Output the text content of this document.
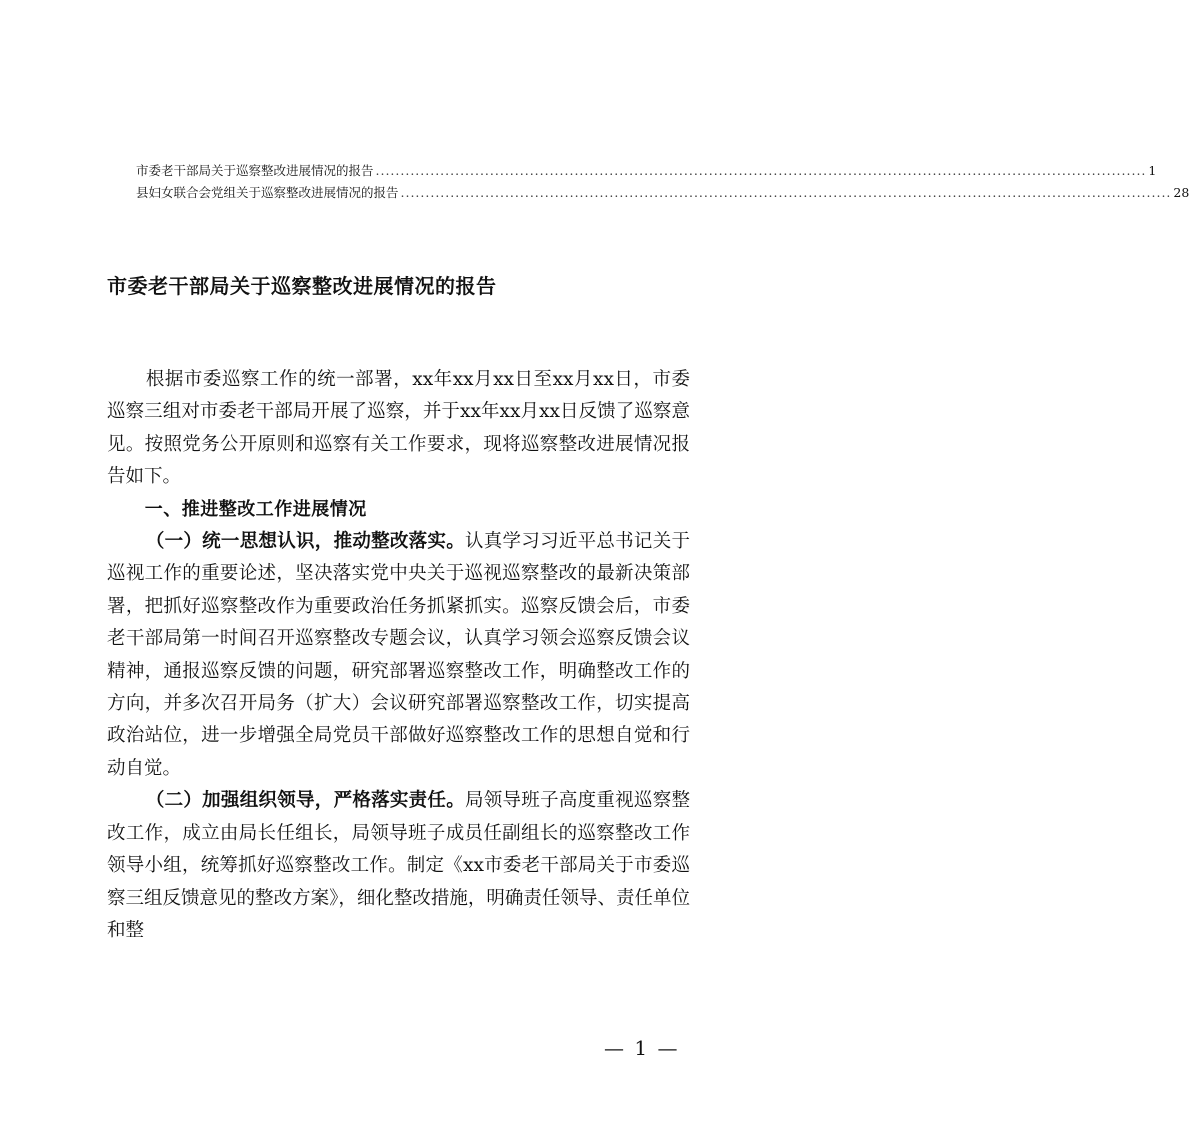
市委老干部局关于巡察整改进展情况的报告 ........................................................................................................................................................... 1
县妇女联合会党组关于巡察整改进展情况的报告 ........................................................................................................................................................... 28
市委老干部局关于巡察整改进展情况的报告

根据市委巡察工作的统一部署，xx年xx月xx日至xx月xx日，市委巡察三组对市委老干部局开展了巡察，并于xx年xx月xx日反馈了巡察意见。按照党务公开原则和巡察有关工作要求，现将巡察整改进展情况报告如下。

一、推进整改工作进展情况

（一）统一思想认识，推动整改落实。认真学习习近平总书记关于巡视工作的重要论述，坚决落实党中央关于巡视巡察整改的最新决策部署，把抓好巡察整改作为重要政治任务抓紧抓实。巡察反馈会后，市委老干部局第一时间召开巡察整改专题会议，认真学习领会巡察反馈会议精神，通报巡察反馈的问题，研究部署巡察整改工作，明确整改工作的方向，并多次召开局务（扩大）会议研究部署巡察整改工作，切实提高政治站位，进一步增强全局党员干部做好巡察整改工作的思想自觉和行动自觉。

（二）加强组织领导，严格落实责任。局领导班子高度重视巡察整改工作，成立由局长任组长，局领导班子成员任副组长的巡察整改工作领导小组，统筹抓好巡察整改工作。制定《xx市委老干部局关于市委巡察三组反馈意见的整改方案》，细化整改措施，明确责任领导、责任单位和整

— 1 —
